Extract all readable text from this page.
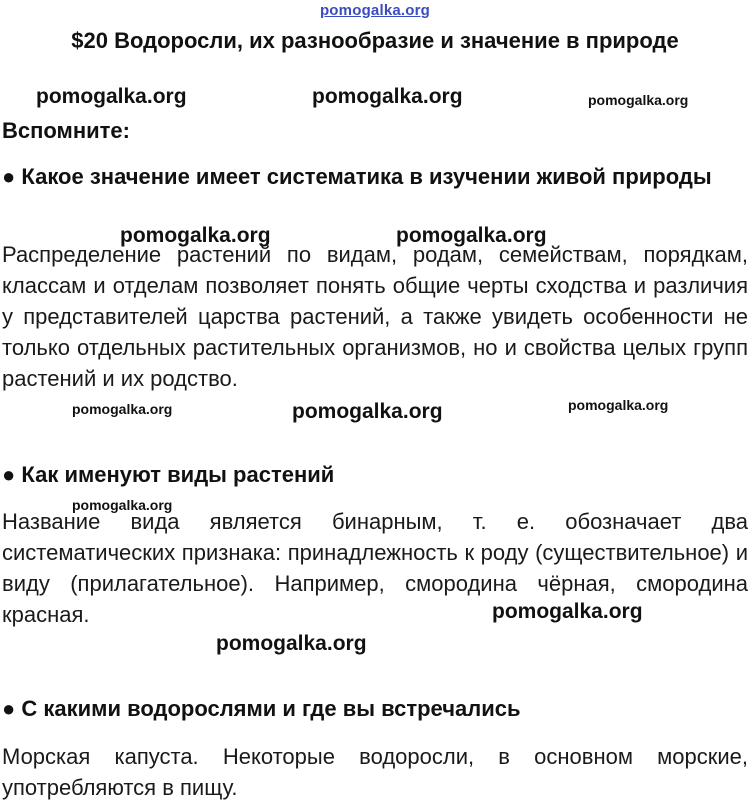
pomogalka.org
$20 Водоросли, их разнообразие и значение в природе
pomogalka.org	pomogalka.org	pomogalka.org
Вспомните:
● Какое значение имеет систематика в изучении живой природы
pomogalka.org	pomogalka.org
Распределение растений по видам, родам, семействам, порядкам, классам и отделам позволяет понять общие черты сходства и различия у представителей царства растений, а также увидеть особенности не только отдельных растительных организмов, но и свойства целых групп растений и их родство.
pomogalka.org	pomogalka.org	pomogalka.org
● Как именуют виды растений
pomogalka.org
Название вида является бинарным, т. е. обозначает два систематических признака: принадлежность к роду (существительное) и виду (прилагательное). Например, смородина чёрная, смородина красная.	pomogalka.org
pomogalka.org
● С какими водорослями и где вы встречались
Морская капуста. Некоторые водоросли, в основном морские, употребляются в пищу.
